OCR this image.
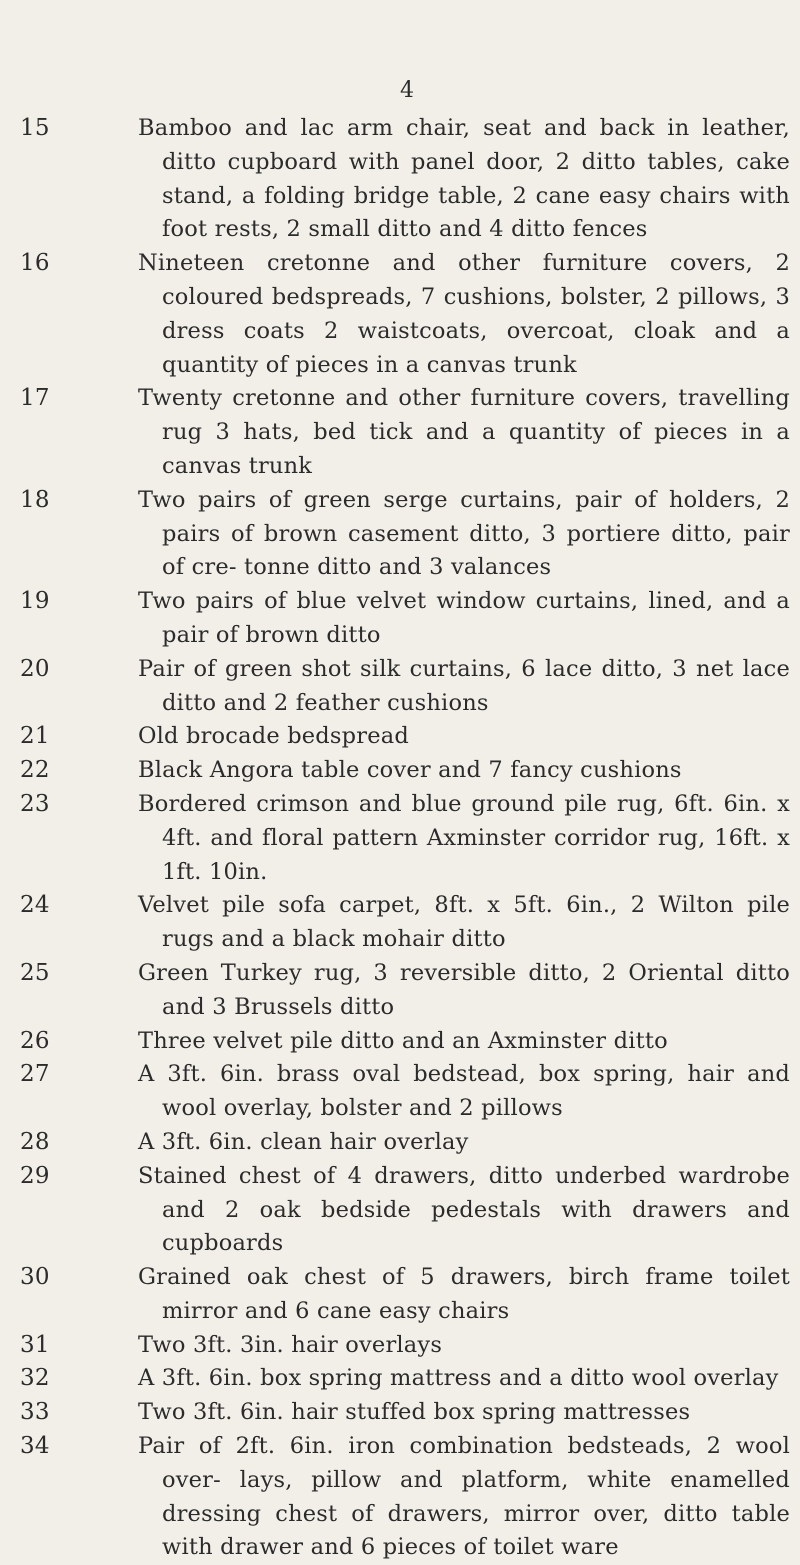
4
15	Bamboo and lac arm chair, seat and back in leather, ditto cupboard with panel door, 2 ditto tables, cake stand, a folding bridge table, 2 cane easy chairs with foot rests, 2 small ditto and 4 ditto fences
16	Nineteen cretonne and other furniture covers, 2 coloured bedspreads, 7 cushions, bolster, 2 pillows, 3 dress coats 2 waistcoats, overcoat, cloak and a quantity of pieces in a canvas trunk
17	Twenty cretonne and other furniture covers, travelling rug 3 hats, bed tick and a quantity of pieces in a canvas trunk
18	Two pairs of green serge curtains, pair of holders, 2 pairs of brown casement ditto, 3 portiere ditto, pair of cre- tonne ditto and 3 valances
19	Two pairs of blue velvet window curtains, lined, and a pair of brown ditto
20	Pair of green shot silk curtains, 6 lace ditto, 3 net lace ditto and 2 feather cushions
21	Old brocade bedspread
22	Black Angora table cover and 7 fancy cushions
23	Bordered crimson and blue ground pile rug, 6ft. 6in. x 4ft. and floral pattern Axminster corridor rug, 16ft. x 1ft. 10in.
24	Velvet pile sofa carpet, 8ft. x 5ft. 6in., 2 Wilton pile rugs and a black mohair ditto
25	Green Turkey rug, 3 reversible ditto, 2 Oriental ditto and 3 Brussels ditto
26	Three velvet pile ditto and an Axminster ditto
27	A 3ft. 6in. brass oval bedstead, box spring, hair and wool overlay, bolster and 2 pillows
28	A 3ft. 6in. clean hair overlay
29	Stained chest of 4 drawers, ditto underbed wardrobe and 2 oak bedside pedestals with drawers and cupboards
30	Grained oak chest of 5 drawers, birch frame toilet mirror and 6 cane easy chairs
31	Two 3ft. 3in. hair overlays
32	A 3ft. 6in. box spring mattress and a ditto wool overlay
33	Two 3ft. 6in. hair stuffed box spring mattresses
34	Pair of 2ft. 6in. iron combination bedsteads, 2 wool over- lays, pillow and platform, white enamelled dressing chest of drawers, mirror over, ditto table with drawer and 6 pieces of toilet ware
